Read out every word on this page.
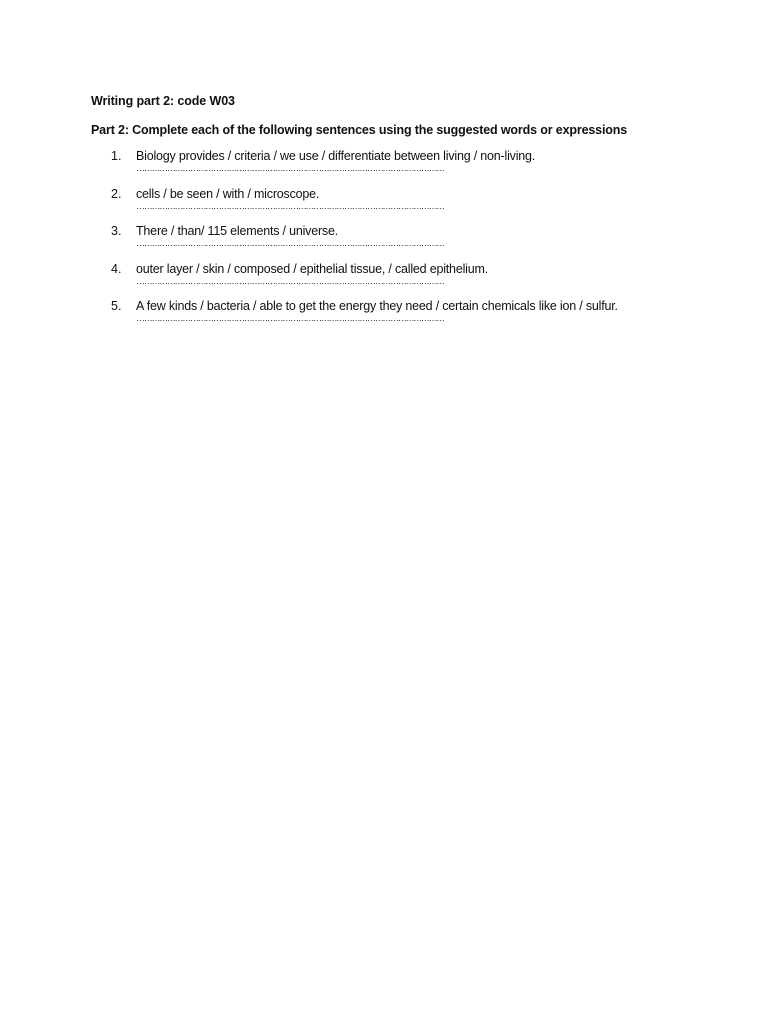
Writing part 2: code W03
Part 2: Complete each of the following sentences using the suggested words or expressions
1.	Biology provides / criteria / we use / differentiate between living / non-living.
…………………………………………………………………………………………………………
2.	cells / be seen / with / microscope.
…………………………………………………………………………………………………………
3.	There / than/ 115 elements / universe.
…………………………………………………………………………………………………………
4.	outer layer / skin / composed / epithelial tissue, / called epithelium.
…………………………………………………………………………………………………………
5.	A few kinds / bacteria / able to get the energy they need / certain chemicals like ion / sulfur.
…………………………………………………………………………………………………………
